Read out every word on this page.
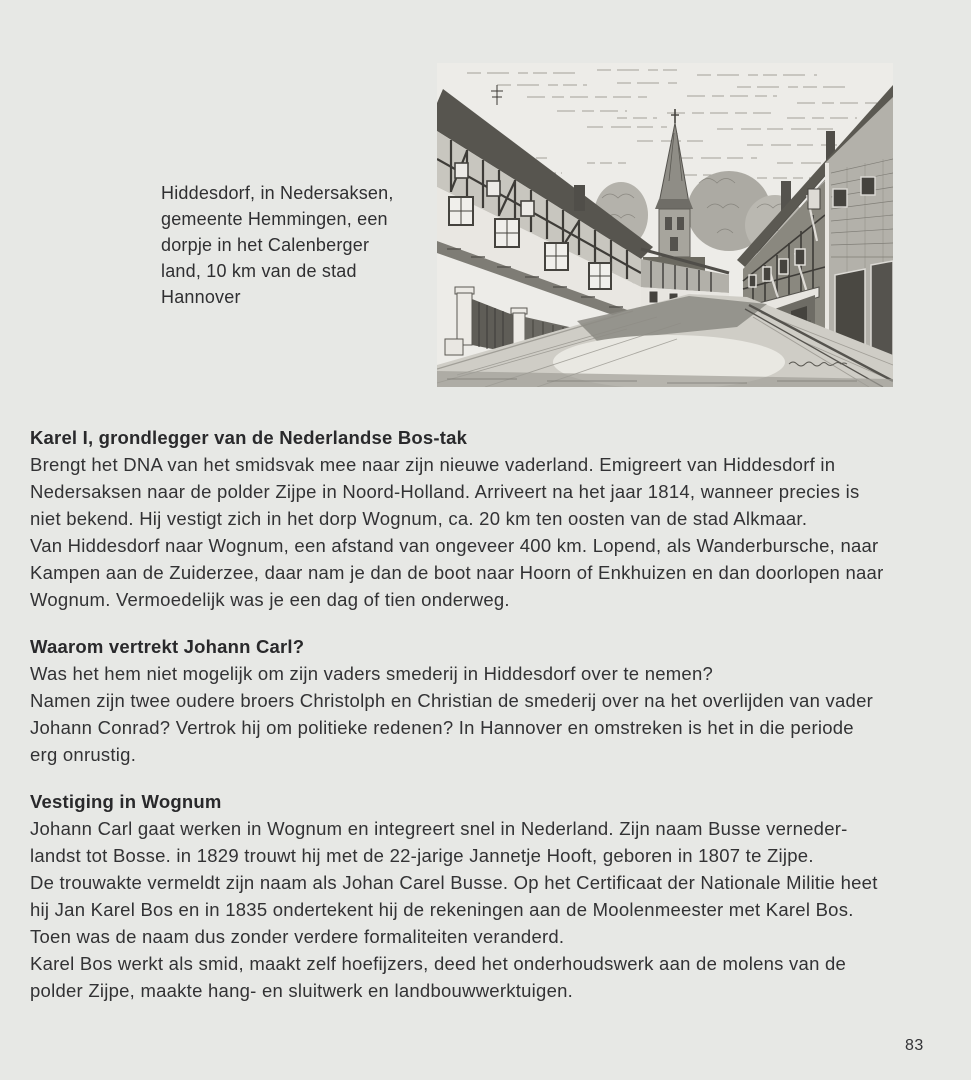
Hiddesdorf, in Nedersaksen,
gemeente Hemmingen, een
dorpje in het Calenberger
land, 10 km van de stad
Hannover
Karel I, grondlegger van de Nederlandse Bos-tak
Brengt het DNA van het smidsvak mee naar zijn nieuwe vaderland. Emigreert van Hiddesdorf in
Nedersaksen naar de polder Zijpe in Noord-Holland. Arriveert na het jaar 1814, wanneer precies is
niet bekend. Hij vestigt zich in het dorp Wognum, ca. 20 km ten oosten van de stad Alkmaar.
Van Hiddesdorf naar Wognum, een afstand van ongeveer 400 km. Lopend, als Wanderbursche, naar
Kampen aan de Zuiderzee, daar nam je dan de boot naar Hoorn of Enkhuizen en dan doorlopen naar
Wognum. Vermoedelijk was je een dag of tien onderweg.
Waarom vertrekt Johann Carl?
Was het hem niet mogelijk om zijn vaders smederij in Hiddesdorf over te nemen?
Namen zijn twee oudere broers Christolph en Christian de smederij over na het overlijden van vader
Johann Conrad? Vertrok hij om politieke redenen? In Hannover en omstreken is het in die periode
erg onrustig.
Vestiging in Wognum
Johann Carl gaat werken in Wognum en integreert snel in Nederland. Zijn naam Busse verneder-
landst tot Bosse. in 1829 trouwt hij met de 22-jarige Jannetje Hooft, geboren in 1807 te Zijpe.
De trouwakte vermeldt zijn naam als Johan Carel Busse. Op het Certificaat der Nationale Militie heet
hij Jan Karel Bos en in 1835 ondertekent hij de rekeningen aan de Moolenmeester met Karel Bos.
Toen was de naam dus zonder verdere formaliteiten veranderd.
Karel Bos werkt als smid, maakt zelf hoefijzers, deed het onderhoudswerk aan de molens van de
polder Zijpe, maakte hang- en sluitwerk en landbouwwerktuigen.
83
